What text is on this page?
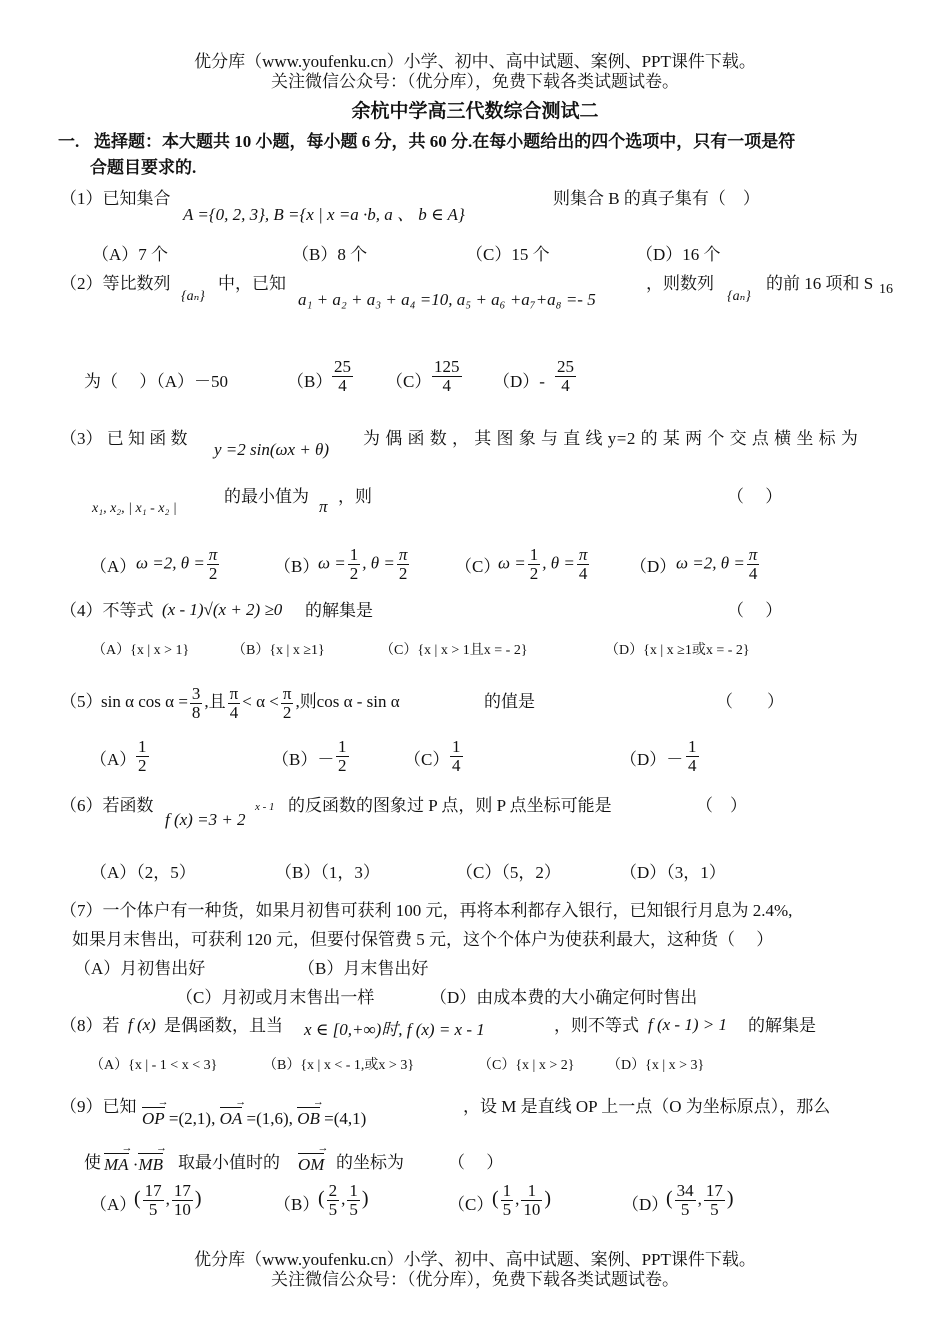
优分库（www.youfenku.cn）小学、初中、高中试题、案例、PPT课件下载。
关注微信公众号：（优分库），免费下载各类试题试卷。
余杭中学高三代数综合测试二
一. 选择题：本大题共 10 小题，每小题 6 分，共 60 分.在每小题给出的四个选项中，只有一项是符
合题目要求的.
（1）已知集合
A ={0, 2, 3}, B ={x | x =a ·b, a 、 b ∈ A}
则集合 B 的真子集有（　）
（A）7 个	（B）8 个	（C）15 个	（D）16 个
（2）等比数列
{aₙ}
中，已知
a₁ + a₂ + a₃ + a₄ =10, a₅ + a₆ +a₇+a₈ =- 5
，则数列
{aₙ}
的前 16 项和 S 16
为（　 ）（A）－50	$(B) \frac{25}{4} (C) \frac{125}{4} (D)- \frac{25}{4}$
（3） 已 知 函 数
y =2 sin(ωx + θ)
为 偶 函 数 ， 其 图 象 与 直 线 y=2 的 某 两 个 交 点 横 坐 标 为
x₁, x₂, | x₁ - x₂ |
的最小值为
π
，则	（　 ）
（A） ω =2, $\theta = \frac{\pi}{2}$	（B）
$\omega = \frac{1}{2}$ , $\theta = \frac{\pi}{2}$	（C）
$\omega = \frac{1}{2}$ , $\theta = \frac{\pi}{4} (D)$ ω =2, $\theta = \frac{\pi}{4}$
（4）不等式 (x - 1)√(x + 2) ≥0 的解集是	（　 ）
（A）{x | x > 1}	（B）{x | x ≥1}	（C）{x | x > 1且x = - 2}	（D）{x | x ≥1或x = - 2}
（5）
sin α $\cos \alpha = \frac{3}{8}$ ,且 $\frac{\pi}{4} < \alpha < \frac{\pi}{2}$ ,则cos α - sin α	的值是	（　　）
$(A) \frac{1}{2}$	$(B)- \frac{1}{2}$	$(C) \frac{1}{4}$	$(D)- \frac{1}{4}$
（6）若函数
f (x) =3 + 2
x - 1 的反函数的图象过 P 点，则 P 点坐标可能是	（　）
（A）（2，5）	（B）（1，3）	（C）（5，2）	（D）（3，1）
（7）一个体户有一种货，如果月初售可获利 100 元，再将本利都存入银行，已知银行月息为 2.4%,
如果月末售出，可获利 120 元，但要付保管费 5 元，这个个体户为使获利最大，这种货（　 ）
（A）月初售出好	（B）月末售出好
（C）月初或月末售出一样	（D）由成本费的大小确定何时售出
（8）若 f (x) 是偶函数，且当 x ∈ [0,+∞)时, f (x) = x - 1	，则不等式 f (x - 1) > 1 的解集是
（A）{x | - 1 < x < 3}	（B）{x | x < - 1,或x > 3}	（C）{x | x > 2} （D）{x | x > 3}
（9）已知
OP → =(2,1), OA → =(1,6), OB → =(4,1)
，设 M 是直线 OP 上一点（O 为坐标原点），那么
使 MA → ·MB → 取最小值时的 OM → 的坐标为	（　 ）
（A）
( $\frac{17}{5}$ , $\frac{17}{10}$ )	（B）
( $\frac{2}{5}$ , $\frac{1}{5}$ )	（C）
( $\frac{1}{5}$ , $\frac{1}{10}$ )	（D）
( $\frac{34}{5}$ , $\frac{17}{5}$ )
优分库（www.youfenku.cn）小学、初中、高中试题、案例、PPT课件下载。
关注微信公众号：（优分库），免费下载各类试题试卷。
